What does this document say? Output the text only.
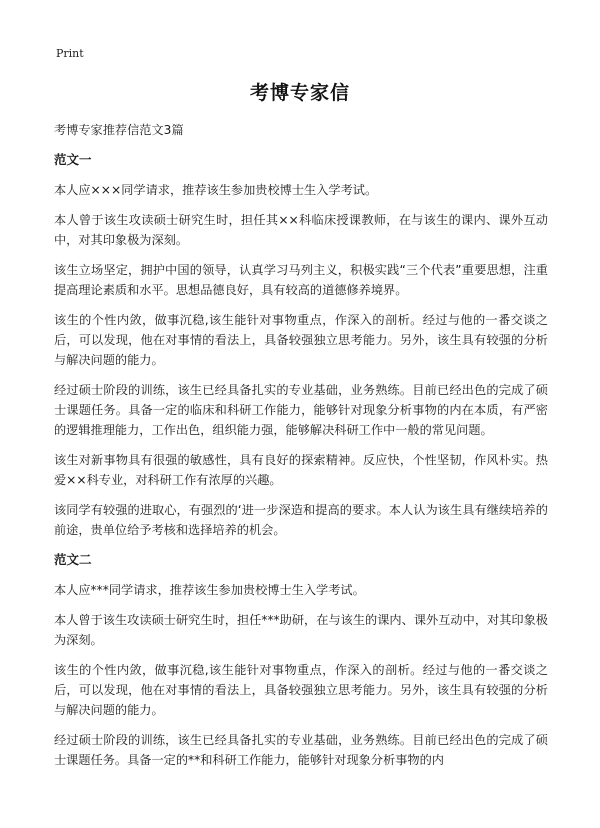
Print
考博专家信
考博专家推荐信范文3篇
范文一
本人应×××同学请求，推荐该生参加贵校博士生入学考试。
本人曾于该生攻读硕士研究生时，担任其××科临床授课教师，在与该生的课内、课外互动中，对其印象极为深刻。
该生立场坚定，拥护中国的领导，认真学习马列主义，积极实践“三个代表”重要思想，注重提高理论素质和水平。思想品德良好，具有较高的道德修养境界。
该生的个性内敛，做事沉稳,该生能针对事物重点，作深入的剖析。经过与他的一番交谈之后，可以发现，他在对事情的看法上，具备较强独立思考能力。另外，该生具有较强的分析与解决问题的能力。
经过硕士阶段的训练，该生已经具备扎实的专业基础，业务熟练。目前已经出色的完成了硕士课题任务。具备一定的临床和科研工作能力，能够针对现象分析事物的内在本质，有严密的逻辑推理能力，工作出色，组织能力强，能够解决科研工作中一般的常见问题。
该生对新事物具有很强的敏感性，具有良好的探索精神。反应快，个性坚韧，作风朴实。热爱××科专业，对科研工作有浓厚的兴趣。
该同学有较强的进取心，有强烈的‘进一步深造和提高的要求。本人认为该生具有继续培养的前途，贵单位给予考核和选择培养的机会。
范文二
本人应***同学请求，推荐该生参加贵校博士生入学考试。
本人曾于该生攻读硕士研究生时，担任***助研，在与该生的课内、课外互动中，对其印象极为深刻。
该生的个性内敛，做事沉稳,该生能针对事物重点，作深入的剖析。经过与他的一番交谈之后，可以发现，他在对事情的看法上，具备较强独立思考能力。另外，该生具有较强的分析与解决问题的能力。
经过硕士阶段的训练，该生已经具备扎实的专业基础，业务熟练。目前已经出色的完成了硕士课题任务。具备一定的**和科研工作能力，能够针对现象分析事物的内
